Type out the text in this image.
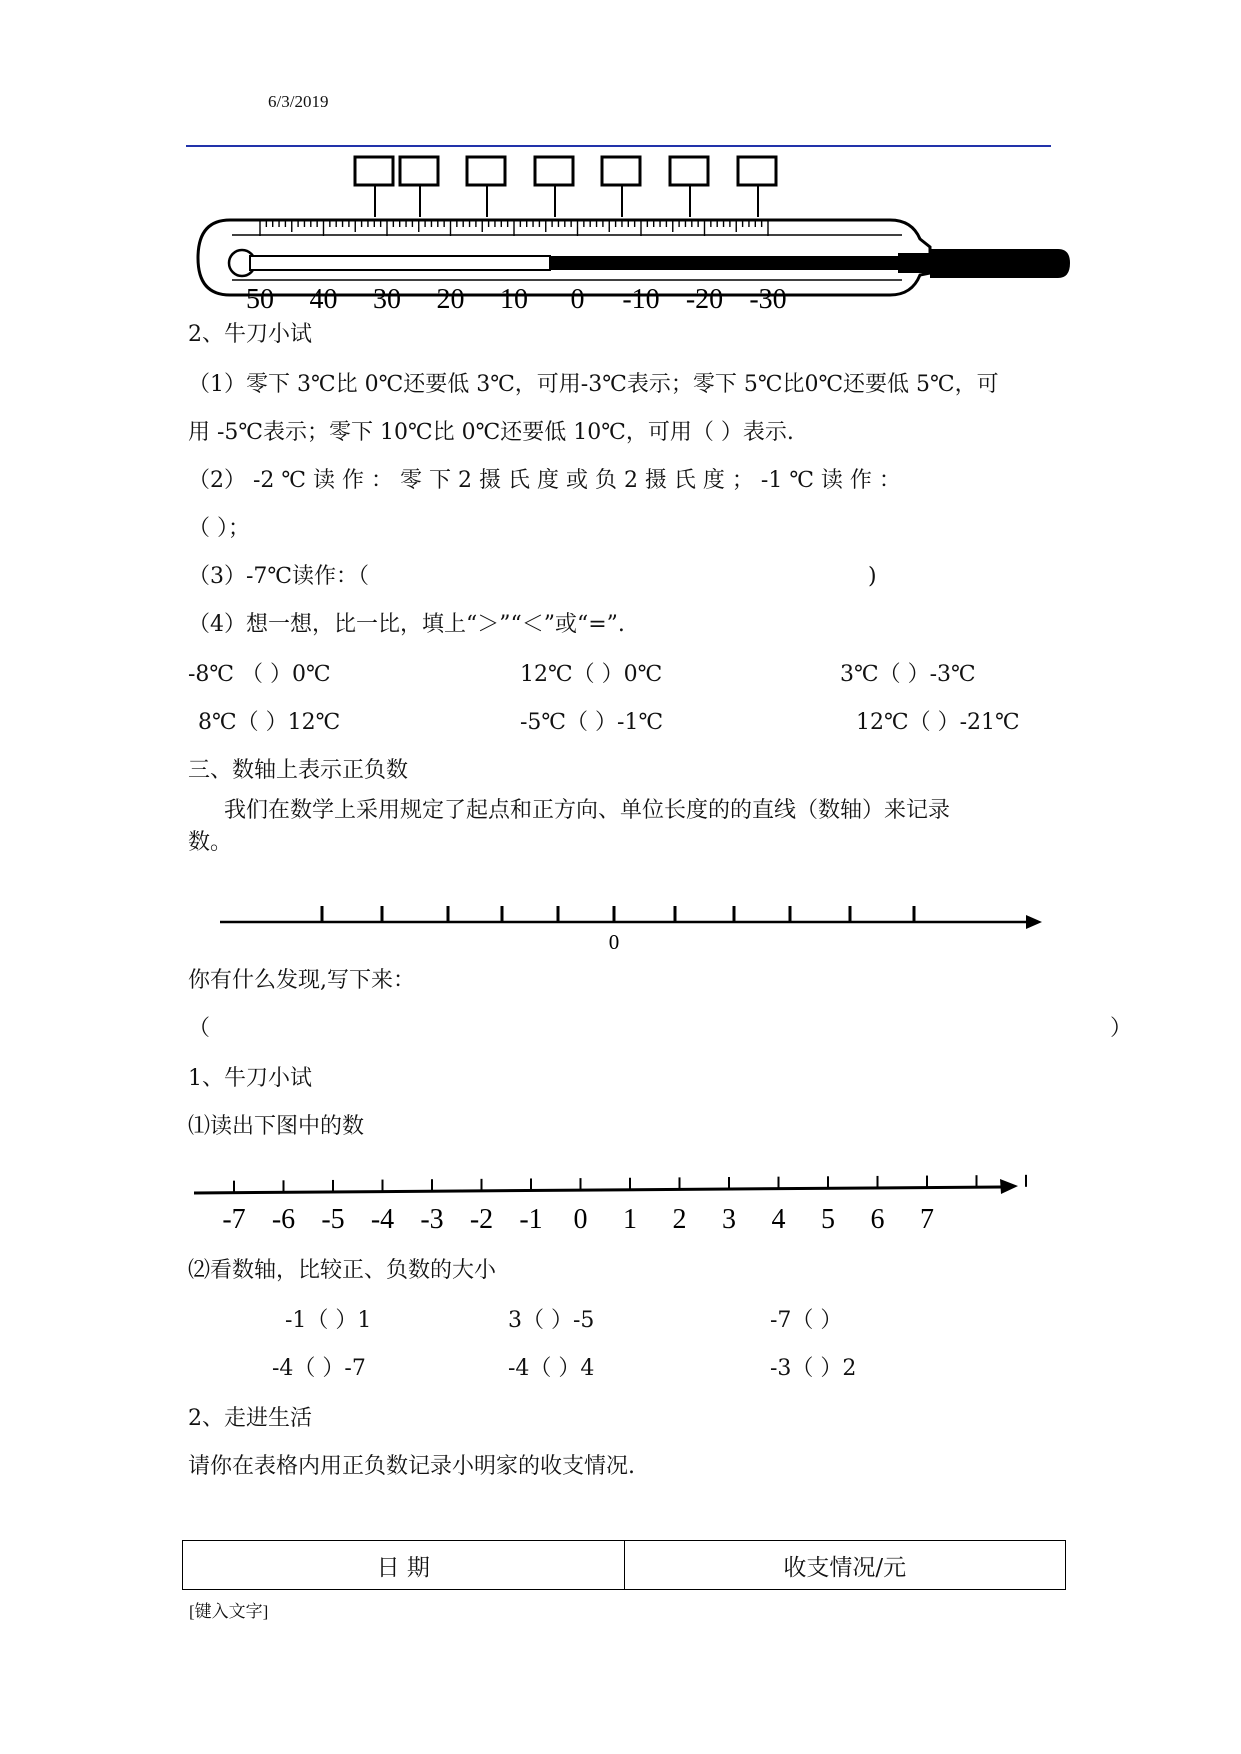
6/3/2019
50 40 30 20 10 0 -10 -20 -30
2、牛刀小试
（1）零下 3℃比 0℃还要低 3℃，可用-3℃表示；零下 5℃比0℃还要低 5℃，可
用 -5℃表示；零下 10℃比 0℃还要低 10℃，可用（ ）表示.
（2） -2 ℃ 读 作 ： 零 下 2 摄 氏 度 或 负 2 摄 氏 度 ； -1 ℃ 读 作 ：
（ ）；
（3）-7℃读作：（	)
（4）想一想，比一比，填上“＞”“＜”或“=”.
-8℃ （ ）0℃	12℃（ ）0℃	3℃（ ）-3℃
8℃（ ）12℃	-5℃（ ）-1℃	12℃（ ）-21℃
三、数轴上表示正负数
我们在数学上采用规定了起点和正方向、单位长度的的直线（数轴）来记录
数。
0
你有什么发现,写下来：
（	）
1、牛刀小试
⑴读出下图中的数
-7 -6 -5 -4 -3 -2 -1 0 1 2 3 4 5 6 7
⑵看数轴，比较正、负数的大小
-1（ ）1	3（ ）-5	-7（ ）
-4（ ）-7	-4（ ）4	-3（ ）2
2、走进生活
请你在表格内用正负数记录小明家的收支情况.
日 期	收支情况/元
[键入文字]
